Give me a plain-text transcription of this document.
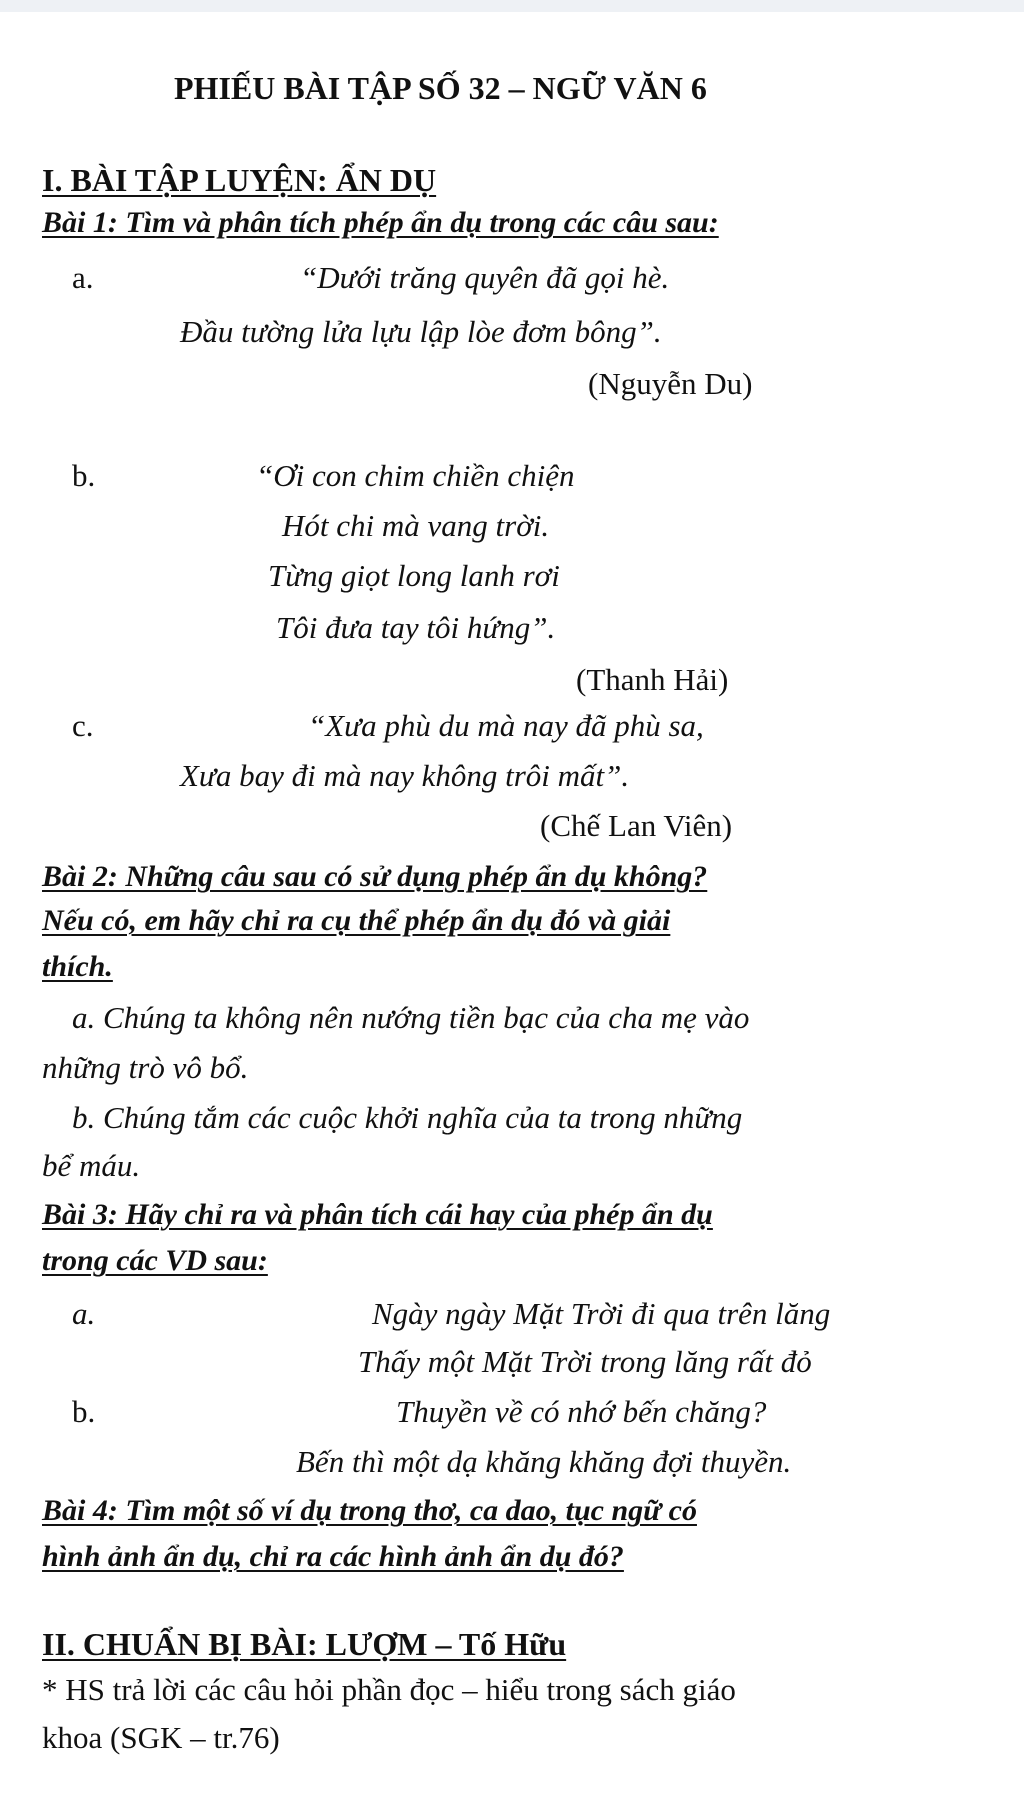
PHIẾU BÀI TẬP SỐ 32 – NGỮ VĂN 6
I. BÀI TẬP LUYỆN: ẨN DỤ
Bài 1: Tìm và phân tích phép ẩn dụ trong các câu sau:
a.	“Dưới trăng quyên đã gọi hè.
Đầu tường lửa lựu lập lòe đơm bông”.
(Nguyễn Du)
b.	“Ơi con chim chiền chiện
Hót chi mà vang trời.
Từng giọt long lanh rơi
Tôi đưa tay tôi hứng”.
(Thanh Hải)
c.	“Xưa phù du mà nay đã phù sa,
Xưa bay đi mà nay không trôi mất”.
(Chế Lan Viên)
Bài 2: Những câu sau có sử dụng phép ẩn dụ không?
Nếu có, em hãy chỉ ra cụ thể phép ẩn dụ đó và giải
thích.
a. Chúng ta không nên nướng tiền bạc của cha mẹ vào
những trò vô bổ.
b. Chúng tắm các cuộc khởi nghĩa của ta trong những
bể máu.
Bài 3: Hãy chỉ ra và phân tích cái hay của phép ẩn dụ
trong các VD sau:
a.	Ngày ngày Mặt Trời đi qua trên lăng
Thấy một Mặt Trời trong lăng rất đỏ
b.	Thuyền về có nhớ bến chăng?
Bến thì một dạ khăng khăng đợi thuyền.
Bài 4: Tìm một số ví dụ trong thơ, ca dao, tục ngữ có
hình ảnh ẩn dụ, chỉ ra các hình ảnh ẩn dụ đó?
II. CHUẨN BỊ BÀI: LƯỢM – Tố Hữu
* HS trả lời các câu hỏi phần đọc – hiểu trong sách giáo
khoa (SGK – tr.76)
